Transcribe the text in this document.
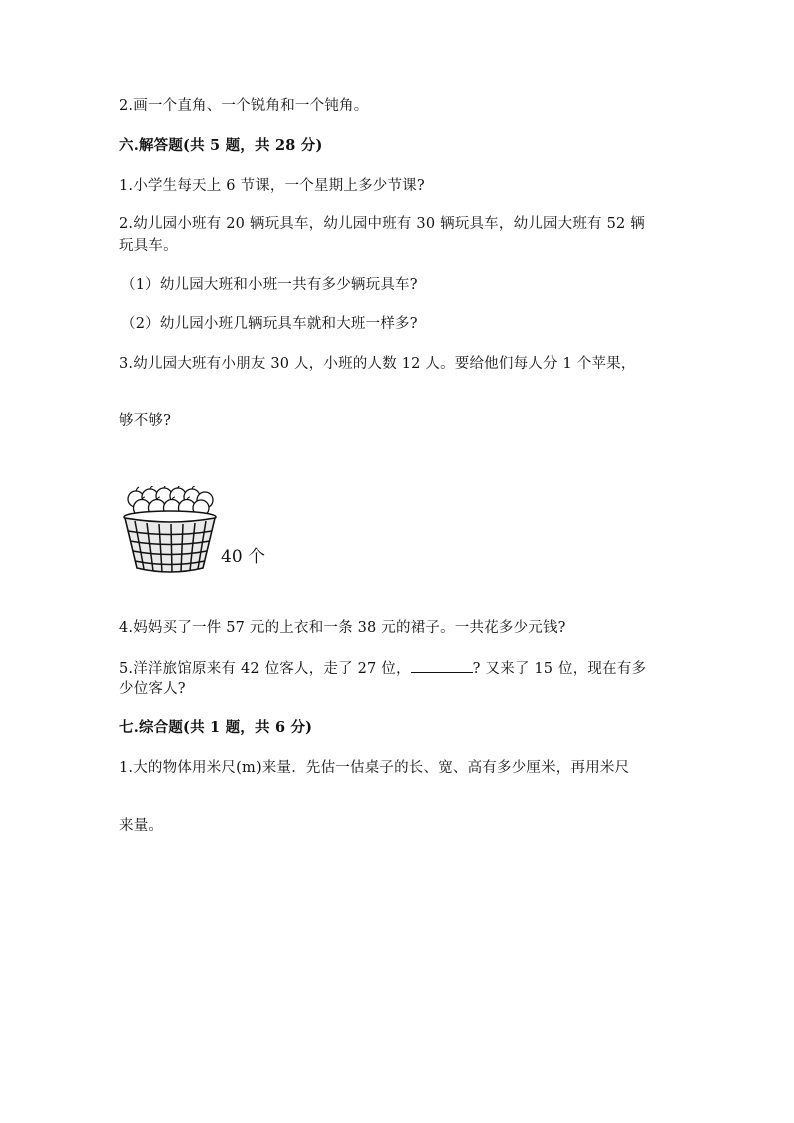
2.画一个直角、一个锐角和一个钝角。
六.解答题(共 5 题，共 28 分)
1.小学生每天上 6 节课，一个星期上多少节课?
2.幼儿园小班有 20 辆玩具车，幼儿园中班有 30 辆玩具车，幼儿园大班有 52 辆
玩具车。
（1）幼儿园大班和小班一共有多少辆玩具车?
（2）幼儿园小班几辆玩具车就和大班一样多?
3.幼儿园大班有小朋友 30 人，小班的人数 12 人。要给他们每人分 1 个苹果，
够不够?
40 个
4.妈妈买了一件 57 元的上衣和一条 38 元的裙子。一共花多少元钱?
5.洋洋旅馆原来有 42 位客人，走了 27 位，	? 又来了 15 位，现在有多
少位客人?
七.综合题(共 1 题，共 6 分)
1.大的物体用米尺(m)来量．先估一估桌子的长、宽、高有多少厘米，再用米尺
来量。
